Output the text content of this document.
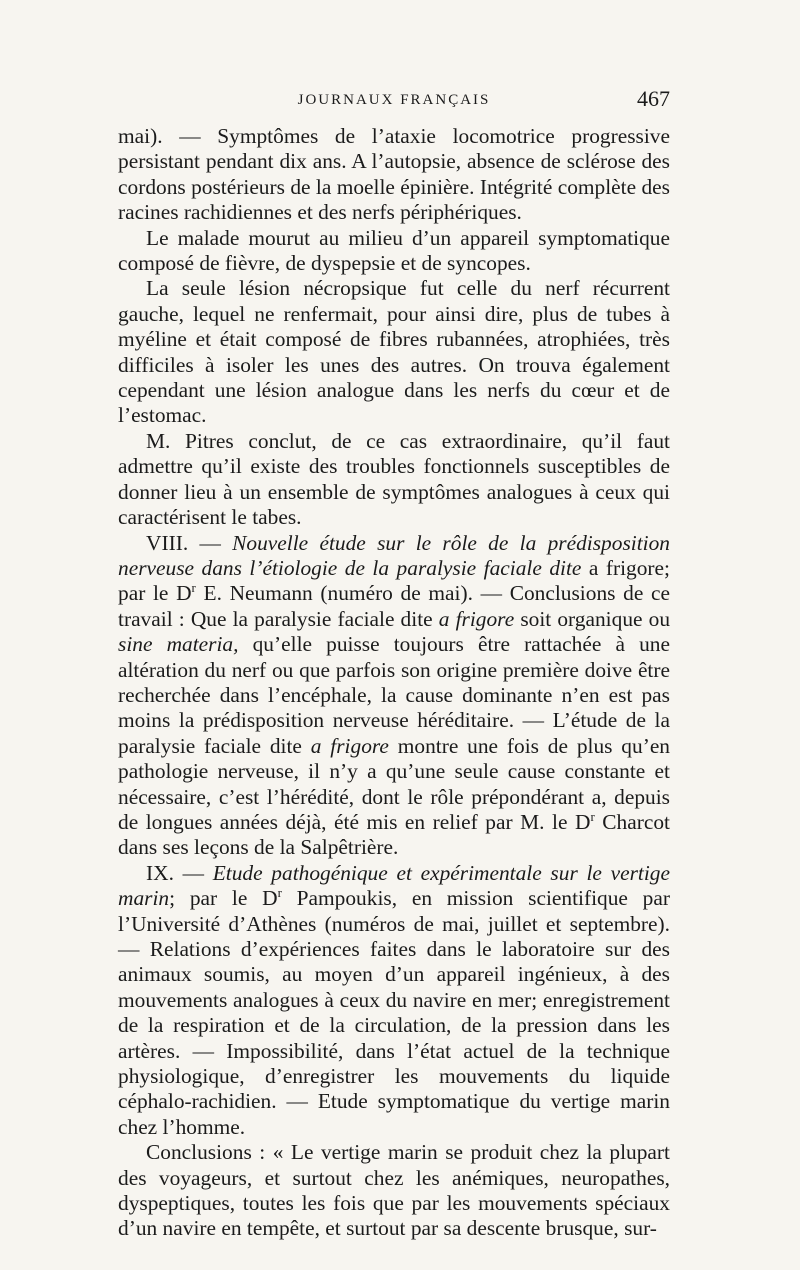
JOURNAUX FRANÇAIS	467

mai). — Symptômes de l’ataxie locomotrice progressive persistant pendant dix ans. A l’autopsie, absence de sclérose des cordons postérieurs de la moelle épinière. Intégrité complète des racines rachidiennes et des nerfs périphériques.

Le malade mourut au milieu d’un appareil symptomatique composé de fièvre, de dyspepsie et de syncopes.

La seule lésion nécropsique fut celle du nerf récurrent gauche, lequel ne renfermait, pour ainsi dire, plus de tubes à myéline et était composé de fibres rubannées, atrophiées, très difficiles à isoler les unes des autres. On trouva également cependant une lésion analogue dans les nerfs du cœur et de l’estomac.

M. Pitres conclut, de ce cas extraordinaire, qu’il faut admettre qu’il existe des troubles fonctionnels susceptibles de donner lieu à un ensemble de symptômes analogues à ceux qui caractérisent le tabes.

VIII. — Nouvelle étude sur le rôle de la prédisposition nerveuse dans l’étiologie de la paralysie faciale dite a frigore; par le $D^r$ E. Neumann (numéro de mai). — Conclusions de ce travail : Que la paralysie faciale dite a frigore soit organique ou sine materia, qu’elle puisse toujours être rattachée à une altération du nerf ou que parfois son origine première doive être recherchée dans l’encéphale, la cause dominante n’en est pas moins la prédisposition nerveuse héréditaire. — L’étude de la paralysie faciale dite a frigore montre une fois de plus qu’en pathologie nerveuse, il n’y a qu’une seule cause constante et nécessaire, c’est l’hérédité, dont le rôle prépondérant a, depuis de longues années déjà, été mis en relief par M. le $D^r$ Charcot dans ses leçons de la Salpêtrière.

IX. — Etude pathogénique et expérimentale sur le vertige marin; par le $D^r$ Pampoukis, en mission scientifique par l’Université d’Athènes (numéros de mai, juillet et septembre). — Relations d’expériences faites dans le laboratoire sur des animaux soumis, au moyen d’un appareil ingénieux, à des mouvements analogues à ceux du navire en mer; enregistrement de la respiration et de la circulation, de la pression dans les artères. — Impossibilité, dans l’état actuel de la technique physiologique, d’enregistrer les mouvements du liquide céphalo-rachidien. — Etude symptomatique du vertige marin chez l’homme.

Conclusions : « Le vertige marin se produit chez la plupart des voyageurs, et surtout chez les anémiques, neuropathes, dyspeptiques, toutes les fois que par les mouvements spéciaux d’un navire en tempête, et surtout par sa descente brusque, sur-
